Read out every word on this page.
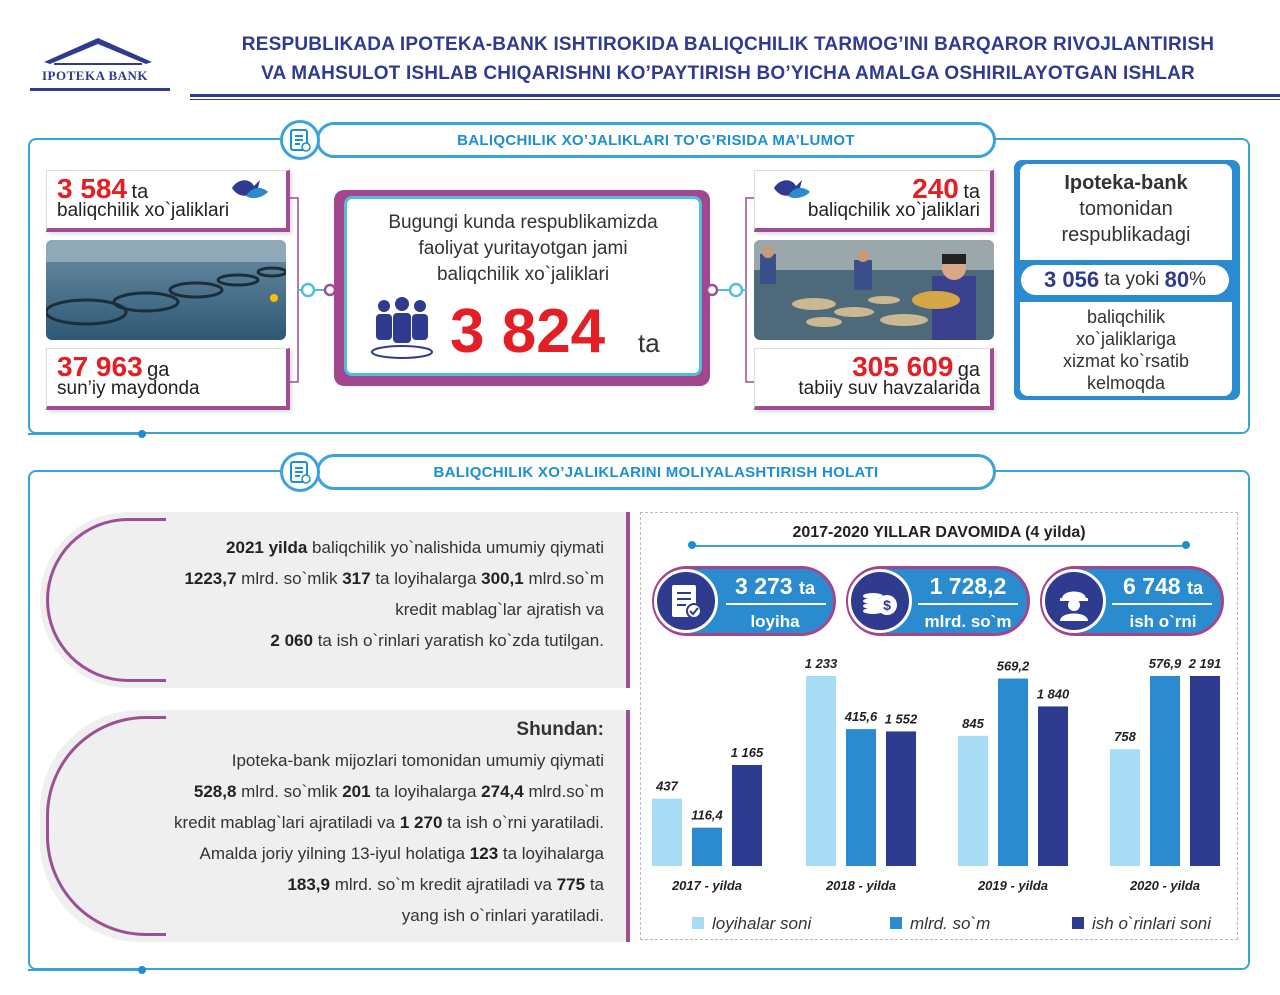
IPOTEKA BANK
RESPUBLIKADA IPOTEKA-BANK ISHTIROKIDA BALIQCHILIK TARMOG’INI BARQAROR RIVOJLANTIRISH
VA MAHSULOT ISHLAB CHIQARISHNI KO’PAYTIRISH BO’YICHA AMALGA OSHIRILAYOTGAN ISHLAR
BALIQCHILIK XO’JALIKLARI TO’G’RISIDA MA’LUMOT
3 584 ta
baliqchilik xo`jaliklari
37 963 ga
sun’iy maydonda
Bugungi kunda respublikamizda
faoliyat yuritayotgan jami
baliqchilik xo`jaliklari
3 824 ta
240 ta
baliqchilik xo`jaliklari
305 609 ga
tabiiy suv havzalarida
Ipoteka-bank
tomonidan
respublikadagi
3 056
ta yoki
80 %
baliqchilik
xo`jaliklariga
xizmat ko`rsatib
kelmoqda
BALIQCHILIK XO’JALIKLARINI MOLIYALASHTIRISH HOLATI
2021 yilda baliqchilik yo`nalishida umumiy qiymati
1223,7 mlrd. so`mlik 317 ta loyihalarga 300,1 mlrd.so`m
kredit mablag`lar ajratish va
2 060 ta ish o`rinlari yaratish ko`zda tutilgan.
Shundan:
Ipoteka-bank mijozlari tomonidan umumiy qiymati
528,8 mlrd. so`mlik 201 ta loyihalarga 274,4 mlrd.so`m
kredit mablag`lari ajratiladi va 1 270 ta ish o`rni yaratiladi.
Amalda joriy yilning 13-iyul holatiga 123 ta loyihalarga
183,9 mlrd. so`m kredit ajratiladi va 775 ta
yang ish o`rinlari yaratiladi.
2017-2020 YILLAR DAVOMIDA (4 yilda)
3 273 ta
loyiha
$
1 728,2
mlrd. so`m
6 748 ta
ish o`rni
437
1 233
845
758
116,4
415,6
569,2	576,9
1 165
1 552
1 840
2 191
2017 - yilda	2018 - yilda	2019 - yilda	2020 - yilda
loyihalar soni	mlrd. so`m	ish o`rinlari soni
